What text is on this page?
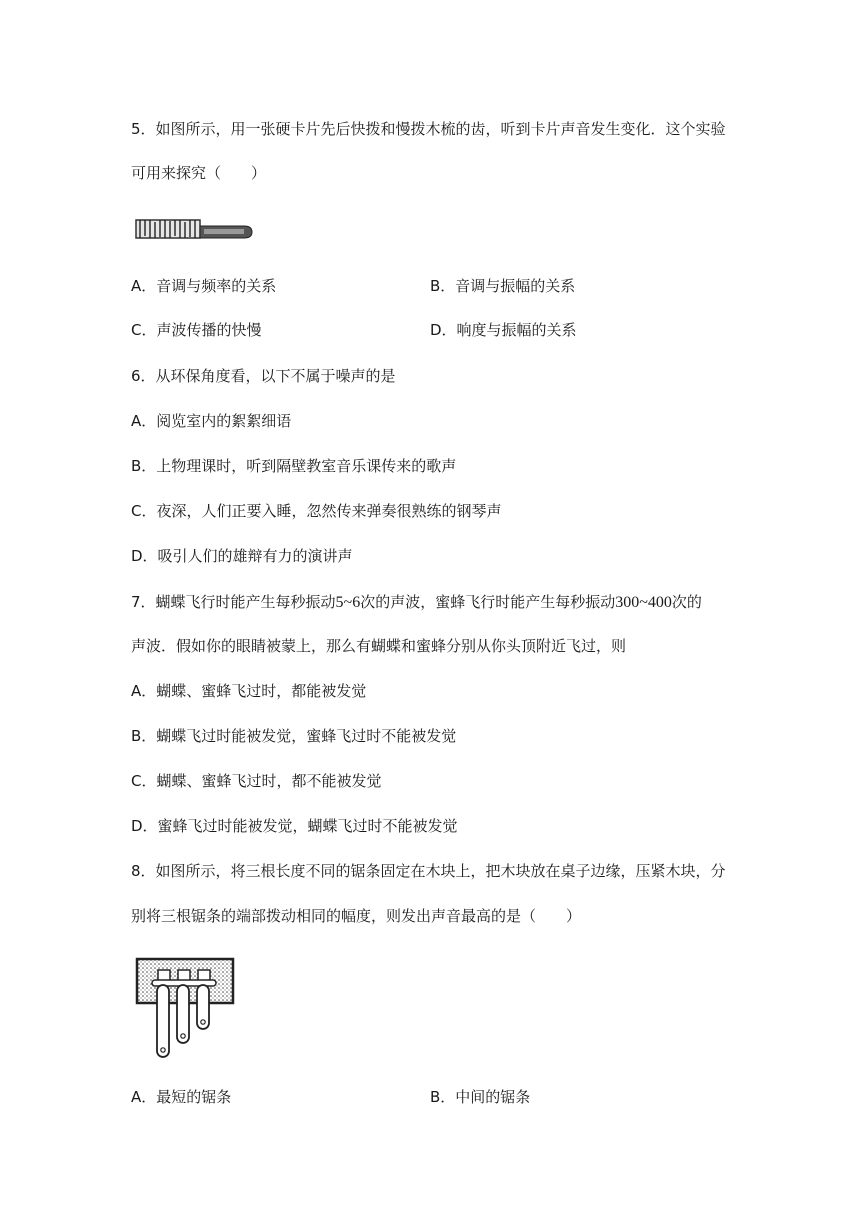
5．如图所示，用一张硬卡片先后快拨和慢拨木梳的齿，听到卡片声音发生变化．这个实验
可用来探究（　　）
A．音调与频率的关系	B．音调与振幅的关系
C．声波传播的快慢	D．响度与振幅的关系
6．从环保角度看，以下不属于噪声的是
A．阅览室内的絮絮细语
B．上物理课时，听到隔壁教室音乐课传来的歌声
C．夜深，人们正要入睡，忽然传来弹奏很熟练的钢琴声
D．吸引人们的雄辩有力的演讲声
7．蝴蝶飞行时能产生每秒振动5~6次的声波，蜜蜂飞行时能产生每秒振动300~400次的
声波．假如你的眼睛被蒙上，那么有蝴蝶和蜜蜂分别从你头顶附近飞过，则
A．蝴蝶、蜜蜂飞过时，都能被发觉
B．蝴蝶飞过时能被发觉，蜜蜂飞过时不能被发觉
C．蝴蝶、蜜蜂飞过时，都不能被发觉
D．蜜蜂飞过时能被发觉，蝴蝶飞过时不能被发觉
8．如图所示，将三根长度不同的锯条固定在木块上，把木块放在桌子边缘，压紧木块，分
别将三根锯条的端部拨动相同的幅度，则发出声音最高的是（　　）
A．最短的锯条	B．中间的锯条
